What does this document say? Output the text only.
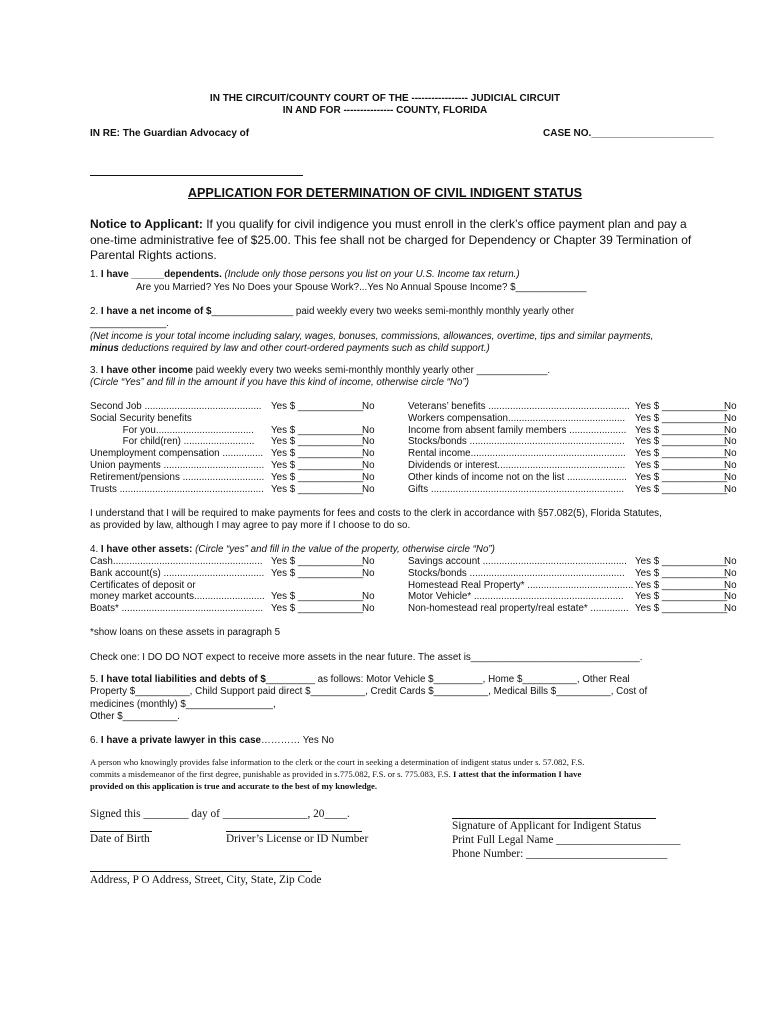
IN THE CIRCUIT/COUNTY COURT OF THE ----------------- JUDICIAL CIRCUIT
IN AND FOR --------------- COUNTY, FLORIDA
IN RE: The Guardian Advocacy of	CASE NO.______________________
APPLICATION FOR DETERMINATION OF CIVIL INDIGENT STATUS
Notice to Applicant: If you qualify for civil indigence you must enroll in the clerk’s office payment plan and pay a
one-time administrative fee of $25.00. This fee shall not be charged for Dependency or Chapter 39 Termination of
Parental Rights actions.
1. I have ______dependents. (Include only those persons you list on your U.S. Income tax return.)
Are you Married? Yes No Does your Spouse Work?...Yes No Annual Spouse Income? $_____________
2. I have a net income of $_______________ paid weekly every two weeks semi-monthly monthly yearly other
______________.
(Net income is your total income including salary, wages, bonuses, commissions, allowances, overtime, tips and similar payments,
minus deductions required by law and other court-ordered payments such as child support.)
3. I have other income paid weekly every two weeks semi-monthly monthly yearly other _____________.
(Circle “Yes” and fill in the amount if you have this kind of income, otherwise circle “No”)
Second Job ........................................... Yes $ ____________
No
Social Security benefits
For you.................................... Yes $ ____________
No
For child(ren) .......................... Yes $ ____________
No
Unemployment compensation ............... Yes $ ____________
No
Union payments ..................................... Yes $ ____________
No
Retirement/pensions .............................. Yes $ ____________
No
Trusts ..................................................... Yes $ ____________
No
Veterans’ benefits .................................................... Yes $ ____________
No
Workers compensation........................................... Yes $ ____________
No
Income from absent family members ..................... Yes $ ____________
No
Stocks/bonds ......................................................... Yes $ ____________
No
Rental income......................................................... Yes $ ____________
No
Dividends or interest............................................... Yes $ ____________
No
Other kinds of income not on the list ...................... Yes $ ____________
No
Gifts ....................................................................... Yes $ ____________
No
I understand that I will be required to make payments for fees and costs to the clerk in accordance with §57.082(5), Florida Statutes,
as provided by law, although I may agree to pay more if I choose to do so.
4. I have other assets: (Circle “yes” and fill in the value of the property, otherwise circle “No”)
Cash....................................................... Yes $ ____________
No
Bank account(s) ..................................... Yes $ ____________
No
Certificates of deposit or
money market accounts.......................... Yes $ ____________
No
Boats* .................................................... Yes $ ____________
No
Savings account ..................................................... Yes $ ____________
No
Stocks/bonds ......................................................... Yes $ ____________
No
Homestead Real Property* ....................................... Yes $ ____________
No
Motor Vehicle* ....................................................... Yes $ ____________
No
Non-homestead real property/real estate* .............. Yes $ ____________
No
*show loans on these assets in paragraph 5
Check one: I DO DO NOT expect to receive more assets in the near future. The asset is_______________________________.
5. I have total liabilities and debts of $_________ as follows: Motor Vehicle $_________, Home $__________, Other Real
Property $__________, Child Support paid direct $__________, Credit Cards $__________, Medical Bills $__________, Cost of
medicines (monthly) $________________,
Other $__________.
6. I have a private lawyer in this case………… Yes No
A person who knowingly provides false information to the clerk or the court in seeking a determination of indigent status under s. 57.082, F.S.
commits a misdemeanor of the first degree, punishable as provided in s.775.082, F.S. or s. 775.083, F.S. I attest that the information I have
provided on this application is true and accurate to the best of my knowledge.
Signed this ________ day of _______________, 20____.
Date of Birth	Driver’s License or ID Number
Signature of Applicant for Indigent Status
Print Full Legal Name ______________________
Phone Number: _________________________
Address, P O Address, Street, City, State, Zip Code
